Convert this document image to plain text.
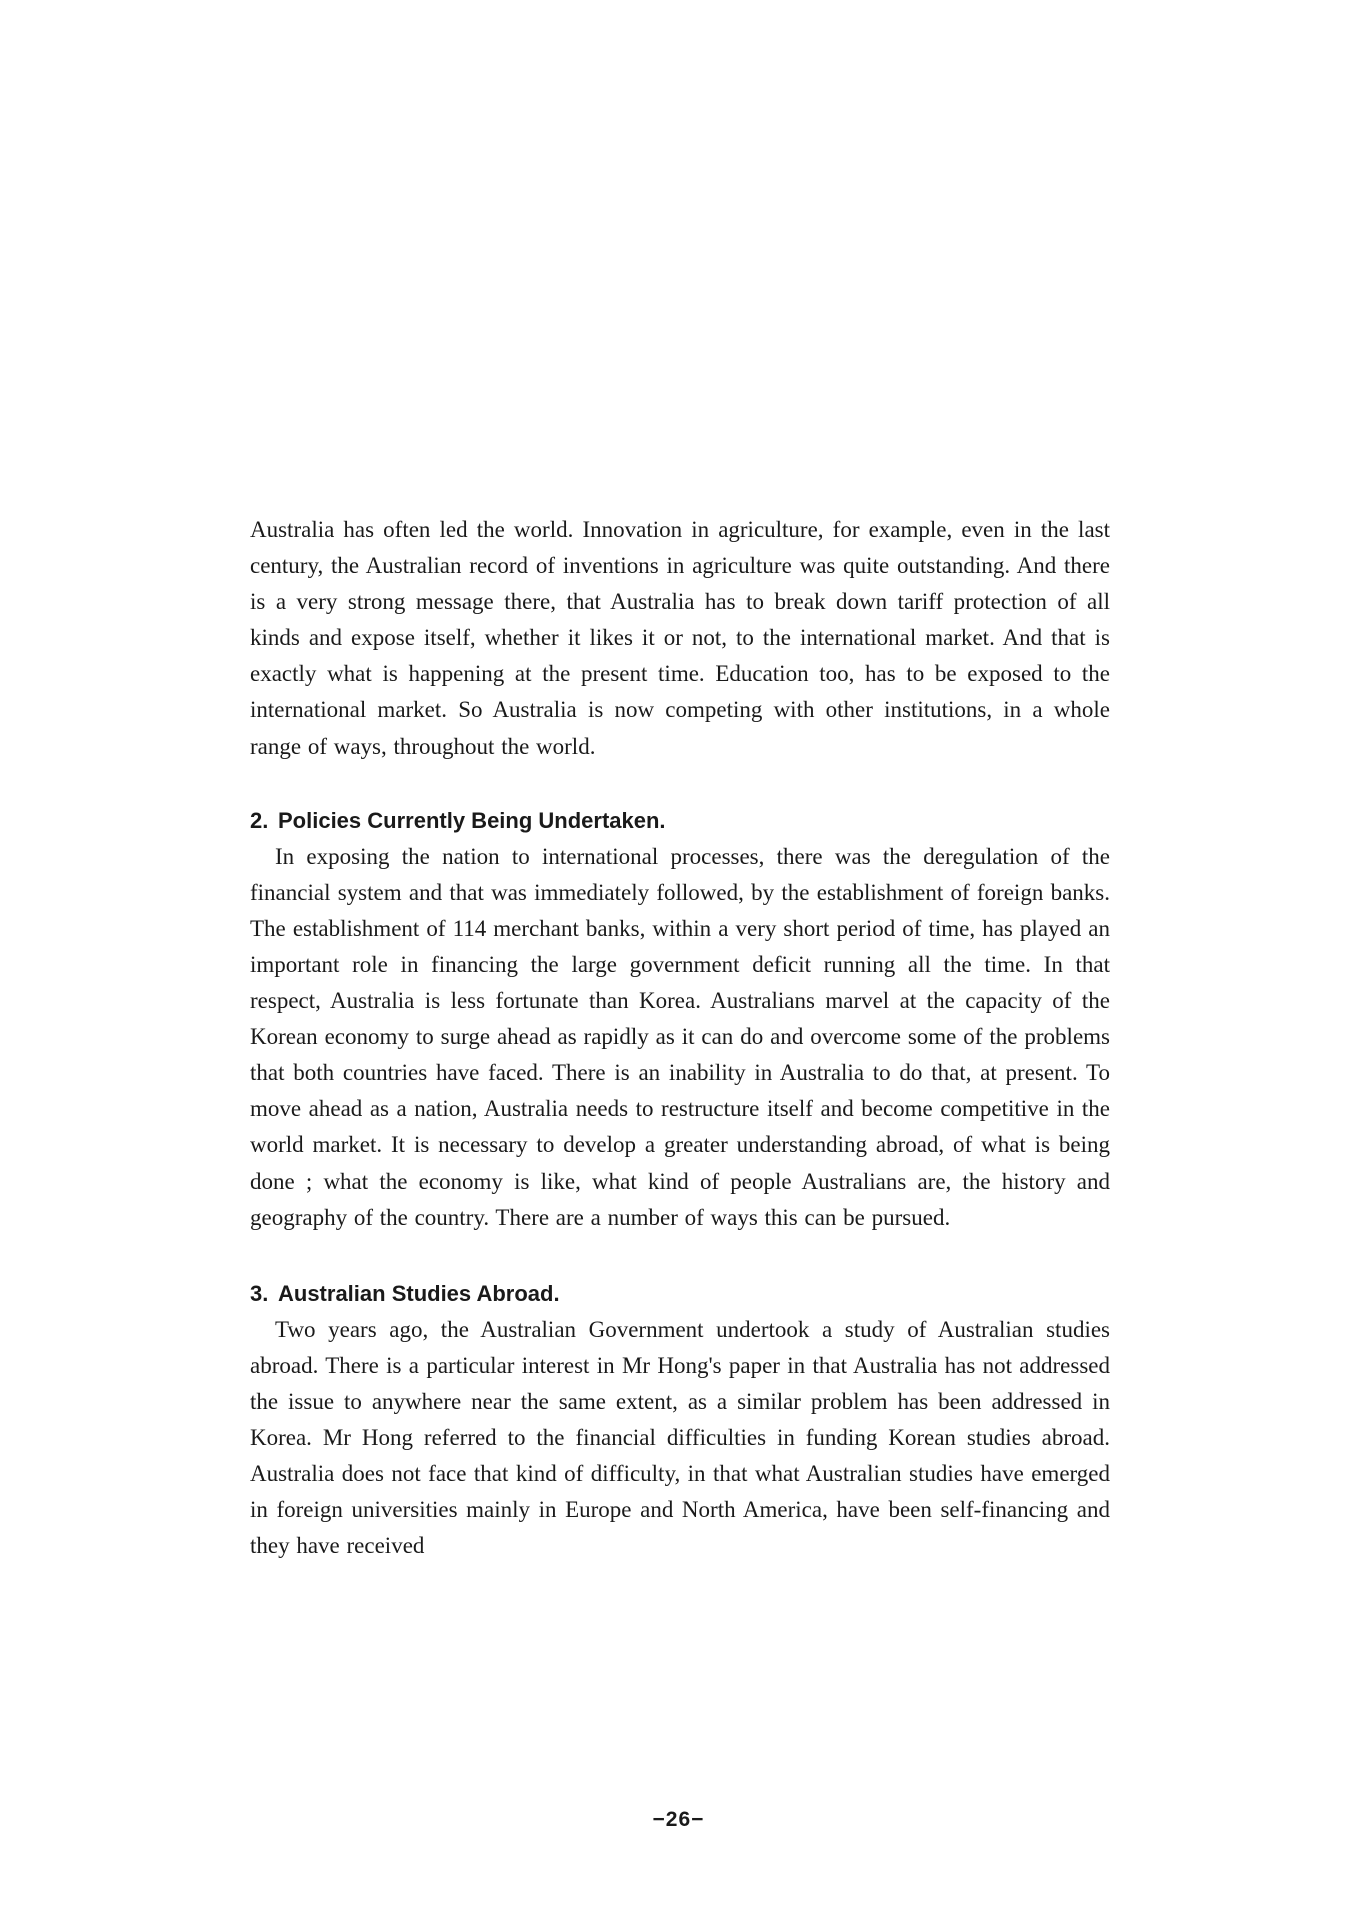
Australia has often led the world. Innovation in agriculture, for example, even in the last century, the Australian record of inventions in agriculture was quite outstanding. And there is a very strong message there, that Australia has to break down tariff protection of all kinds and expose itself, whether it likes it or not, to the international market. And that is exactly what is happening at the present time. Education too, has to be exposed to the international market. So Australia is now competing with other institutions, in a whole range of ways, throughout the world.

2. Policies Currently Being Undertaken.

In exposing the nation to international processes, there was the deregulation of the financial system and that was immediately followed, by the establishment of foreign banks. The establishment of 114 merchant banks, within a very short period of time, has played an important role in financing the large government deficit running all the time. In that respect, Australia is less fortunate than Korea. Australians marvel at the capacity of the Korean economy to surge ahead as rapidly as it can do and overcome some of the problems that both countries have faced. There is an inability in Australia to do that, at present. To move ahead as a nation, Australia needs to restructure itself and become competitive in the world market. It is necessary to develop a greater understanding abroad, of what is being done ; what the economy is like, what kind of people Australians are, the history and geography of the country. There are a number of ways this can be pursued.

3. Australian Studies Abroad.

Two years ago, the Australian Government undertook a study of Australian studies abroad. There is a particular interest in Mr Hong's paper in that Australia has not addressed the issue to anywhere near the same extent, as a similar problem has been addressed in Korea. Mr Hong referred to the financial difficulties in funding Korean studies abroad. Australia does not face that kind of difficulty, in that what Australian studies have emerged in foreign universities mainly in Europe and North America, have been self-financing and they have received

−26−
